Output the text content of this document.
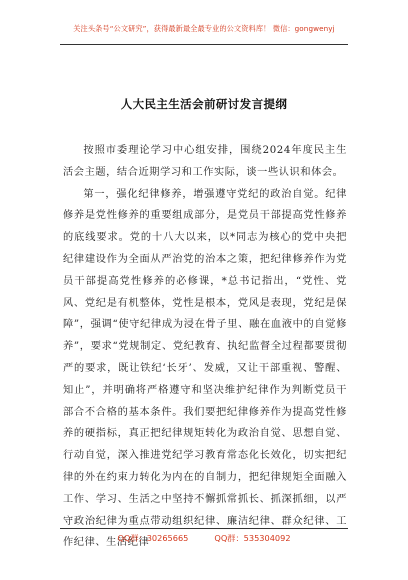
关注头条号“公文研究”，获得最新最全最专业的公文资料库！ 微信：gongwenyj
人大民主生活会前研讨发言提纲

按照市委理论学习中心组安排，围绕2024年度民主生活会主题，结合近期学习和工作实际，谈一些认识和体会。

第一，强化纪律修养，增强遵守党纪的政治自觉。纪律修养是党性修养的重要组成部分，是党员干部提高党性修养的底线要求。党的十八大以来，以*同志为核心的党中央把纪律建设作为全面从严治党的治本之策，把纪律修养作为党员干部提高党性修养的必修课，*总书记指出，“党性、党风、党纪是有机整体，党性是根本，党风是表现，党纪是保障”，强调“使守纪律成为浸在骨子里、融在血液中的自觉修养”，要求“党规制定、党纪教育、执纪监督全过程都要贯彻严的要求，既让铁纪‘长牙’、发威，又让干部重视、警醒、知止”，并明确将严格遵守和坚决维护纪律作为判断党员干部合不合格的基本条件。我们要把纪律修养作为提高党性修养的硬指标，真正把纪律规矩转化为政治自觉、思想自觉、行动自觉，深入推进党纪学习教育常态化长效化，切实把纪律的外在约束力转化为内在的自制力，把纪律规矩全面融入工作、学习、生活之中坚持不懈抓常抓长、抓深抓细，以严守政治纪律为重点带动组织纪律、廉洁纪律、群众纪律、工作纪律、生活纪律

QQ群：30265665	QQ群：535304092
